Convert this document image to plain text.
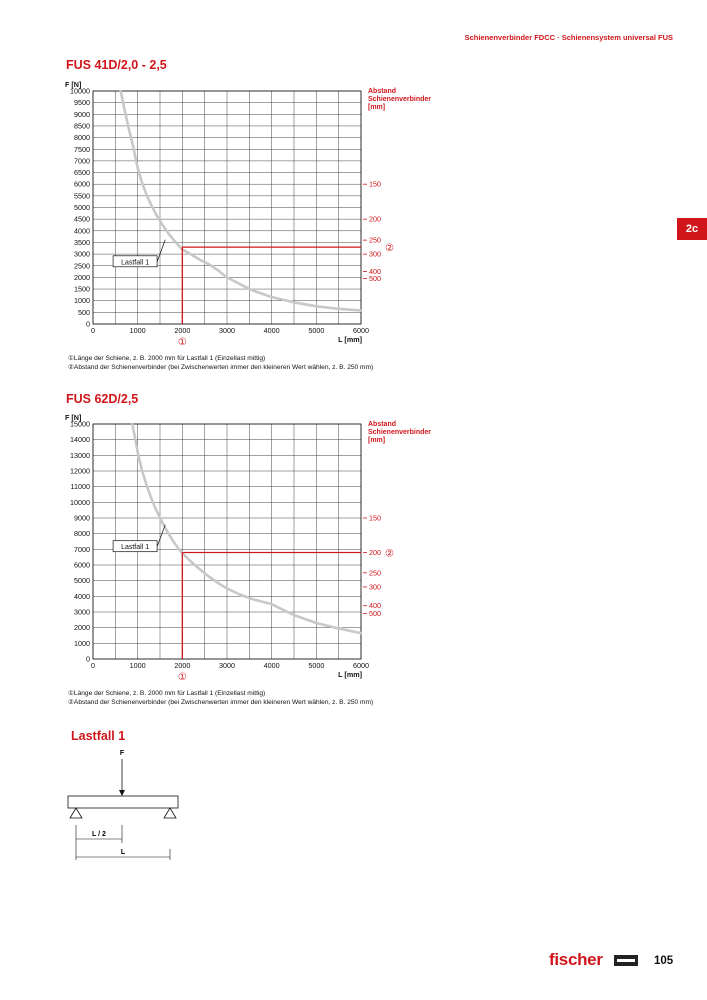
Schienenverbinder FDCC · Schienensystem universal FUS
2c
FUS 41D/2,0 - 2,5
0
500
1000
1500
2000
2500
3000
3500
4000
4500
5000
5500
6000
6500
7000
7500
8000
8500
9000
9500
10000
0	1000	2000	3000	4000	5000	6000
F [N]
L [mm]
Abstand Schienenverbinder [mm]
150
200
250
300
400
500
①
②
Lastfall 1
①Länge der Schiene, z. B. 2000 mm für Lastfall 1 (Einzellast mittig)
②Abstand der Schienenverbinder (bei Zwischenwerten immer den kleineren Wert wählen, z. B. 250 mm)
FUS 62D/2,5
0
1000
2000
3000
4000
5000
6000
7000
8000
9000
10000
11000
12000
13000
14000
15000
0	1000	2000	3000	4000	5000	6000
F [N]
L [mm]
Abstand Schienenverbinder [mm]
150
200
250
300
400
500
①
②
Lastfall 1
①Länge der Schiene, z. B. 2000 mm für Lastfall 1 (Einzellast mittig)
②Abstand der Schienenverbinder (bei Zwischenwerten immer den kleineren Wert wählen, z. B. 250 mm)
Lastfall 1
F
L / 2
L
fischer	105
